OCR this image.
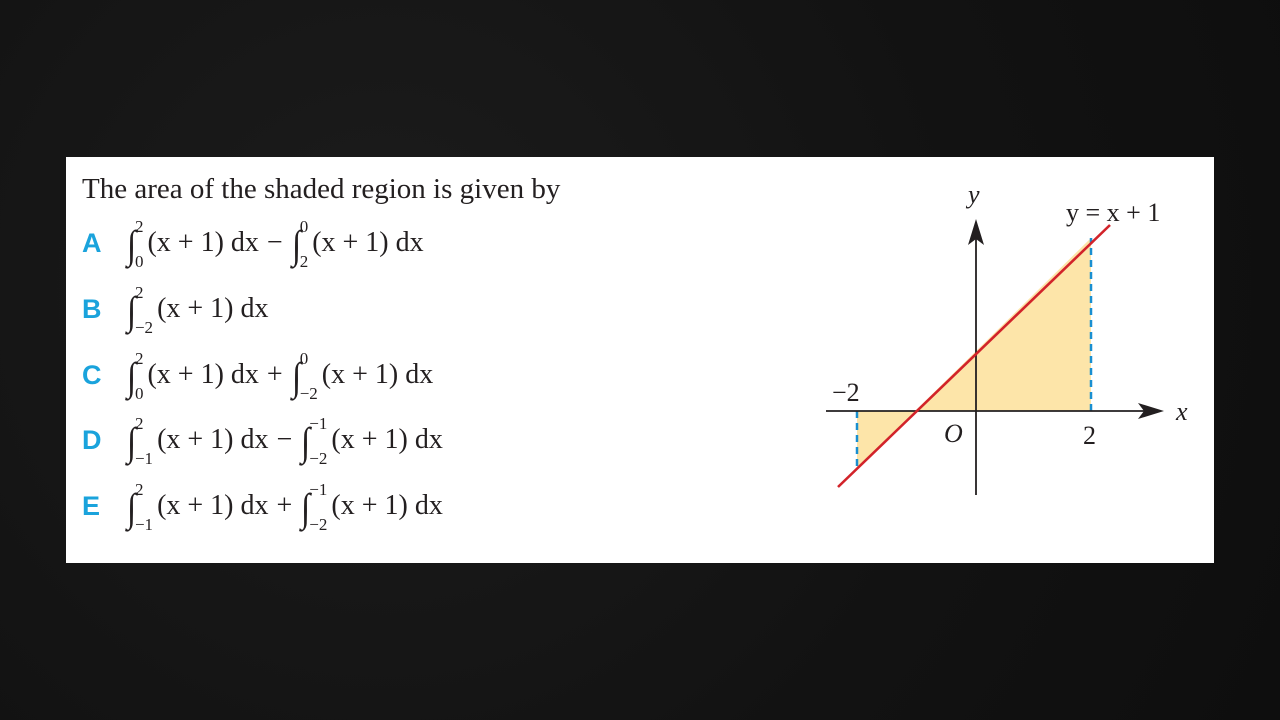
The area of the shaded region is given by
A ∫
2
0
(x + 1) dx − ∫
0
2
(x + 1) dx
B ∫
2
−2
(x + 1) dx
C ∫
2
0
(x + 1) dx + ∫
0
−2
(x + 1) dx
D ∫
2
−1
(x + 1) dx − ∫
−1
−2
(x + 1) dx
E ∫
2
−1
(x + 1) dx + ∫
−1
−2
(x + 1) dx
y
x
y = x + 1
O
−2
2
